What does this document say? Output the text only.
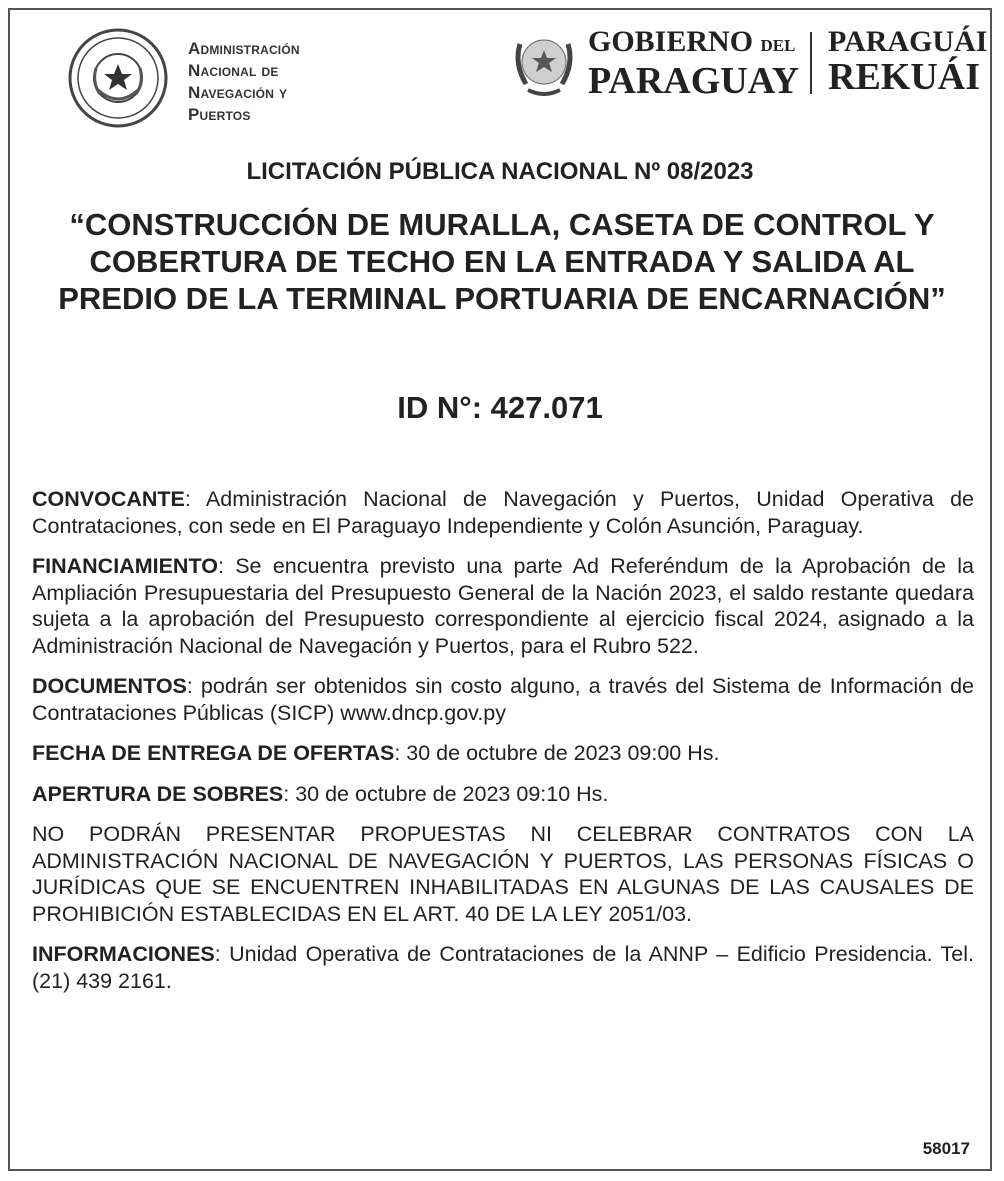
Administración
Nacional de
Navegación y
Puertos
GOBIERNO DEL
PARAGUAY
PARAGUÁI
REKUÁI
LICITACIÓN PÚBLICA NACIONAL Nº 08/2023
“CONSTRUCCIÓN DE MURALLA, CASETA DE CONTROL Y COBERTURA DE TECHO EN LA ENTRADA Y SALIDA AL PREDIO DE LA TERMINAL PORTUARIA DE ENCARNACIÓN”
ID N°: 427.071

CONVOCANTE: Administración Nacional de Navegación y Puertos, Unidad Operativa de Contrataciones, con sede en El Paraguayo Independiente y Colón Asunción, Paraguay.

FINANCIAMIENTO: Se encuentra previsto una parte Ad Referéndum de la Aprobación de la Ampliación Presupuestaria del Presupuesto General de la Nación 2023, el saldo restante quedara sujeta a la aprobación del Presupuesto correspondiente al ejercicio fiscal 2024, asignado a la Administración Nacional de Navegación y Puertos, para el Rubro 522.

DOCUMENTOS: podrán ser obtenidos sin costo alguno, a través del Sistema de Información de Contrataciones Públicas (SICP) www.dncp.gov.py

FECHA DE ENTREGA DE OFERTAS: 30 de octubre de 2023 09:00 Hs.

APERTURA DE SOBRES: 30 de octubre de 2023 09:10 Hs.

NO PODRÁN PRESENTAR PROPUESTAS NI CELEBRAR CONTRATOS CON LA ADMINISTRACIÓN NACIONAL DE NAVEGACIÓN Y PUERTOS, LAS PERSONAS FÍSICAS O JURÍDICAS QUE SE ENCUENTREN INHABILITADAS EN ALGUNAS DE LAS CAUSALES DE PROHIBICIÓN ESTABLECIDAS EN EL ART. 40 DE LA LEY 2051/03.

INFORMACIONES: Unidad Operativa de Contrataciones de la ANNP – Edificio Presidencia. Tel. (21) 439 2161.

58017
